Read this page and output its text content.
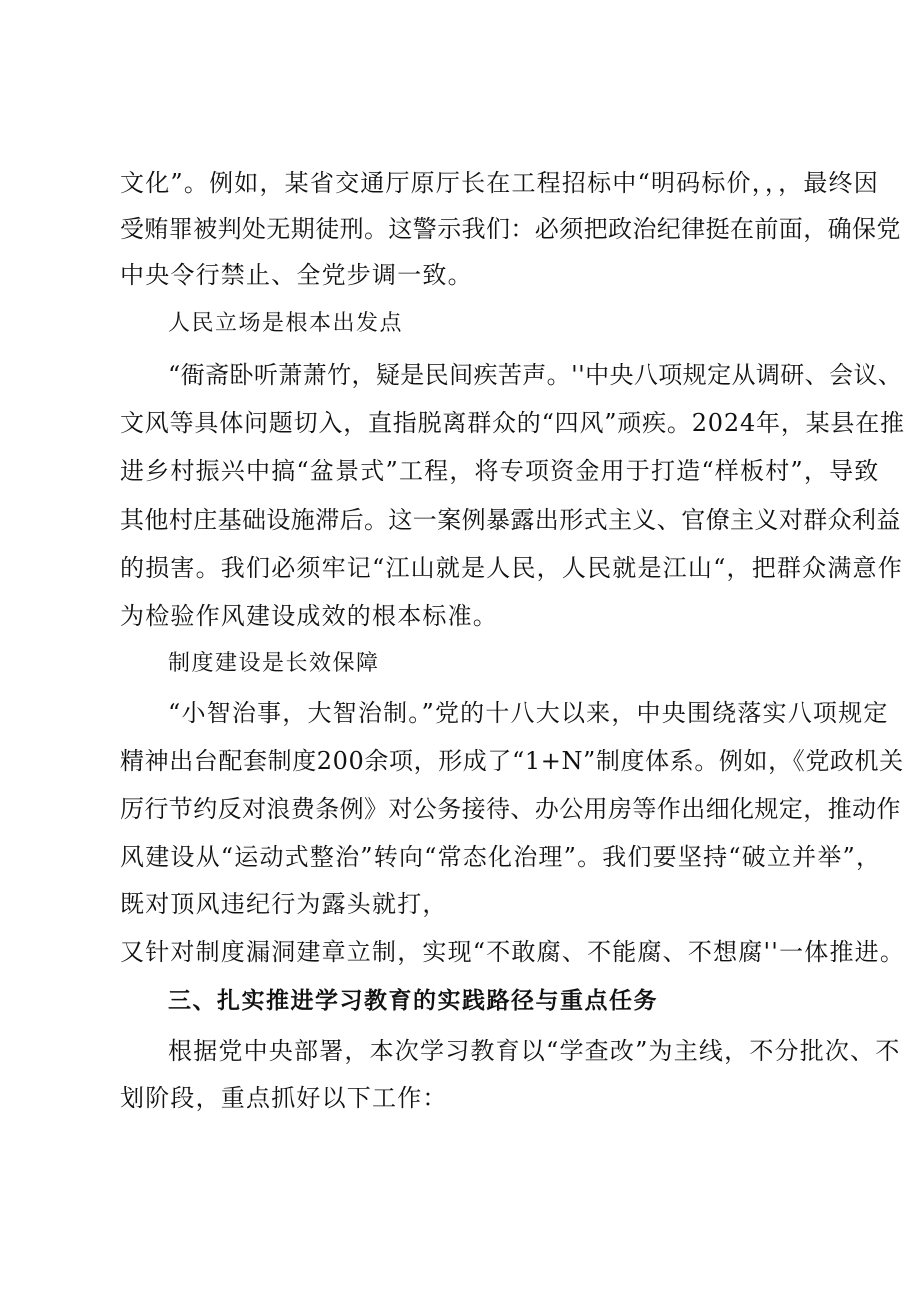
文化”。例如，某省交通厅原厅长在工程招标中“明码标价，，，最终因
受贿罪被判处无期徒刑。这警示我们：必须把政治纪律挺在前面，确保党
中央令行禁止、全党步调一致。
人民立场是根本出发点
“衙斋卧听萧萧竹，疑是民间疾苦声。''中央八项规定从调研、会议、
文风等具体问题切入，直指脱离群众的“四风”顽疾。2024年，某县在推
进乡村振兴中搞“盆景式”工程，将专项资金用于打造“样板村”，导致
其他村庄基础设施滞后。这一案例暴露出形式主义、官僚主义对群众利益
的损害。我们必须牢记“江山就是人民，人民就是江山“，把群众满意作
为检验作风建设成效的根本标准。
制度建设是长效保障
“小智治事，大智治制。”党的十八大以来，中央围绕落实八项规定
精神出台配套制度200余项，形成了“1+N”制度体系。例如，《党政机关
厉行节约反对浪费条例》对公务接待、办公用房等作出细化规定，推动作
风建设从“运动式整治”转向“常态化治理”。我们要坚持“破立并举”，
既对顶风违纪行为露头就打，
又针对制度漏洞建章立制，实现“不敢腐、不能腐、不想腐''一体推进。
三、扎实推进学习教育的实践路径与重点任务
根据党中央部署，本次学习教育以“学查改”为主线，不分批次、不
划阶段，重点抓好以下工作：
